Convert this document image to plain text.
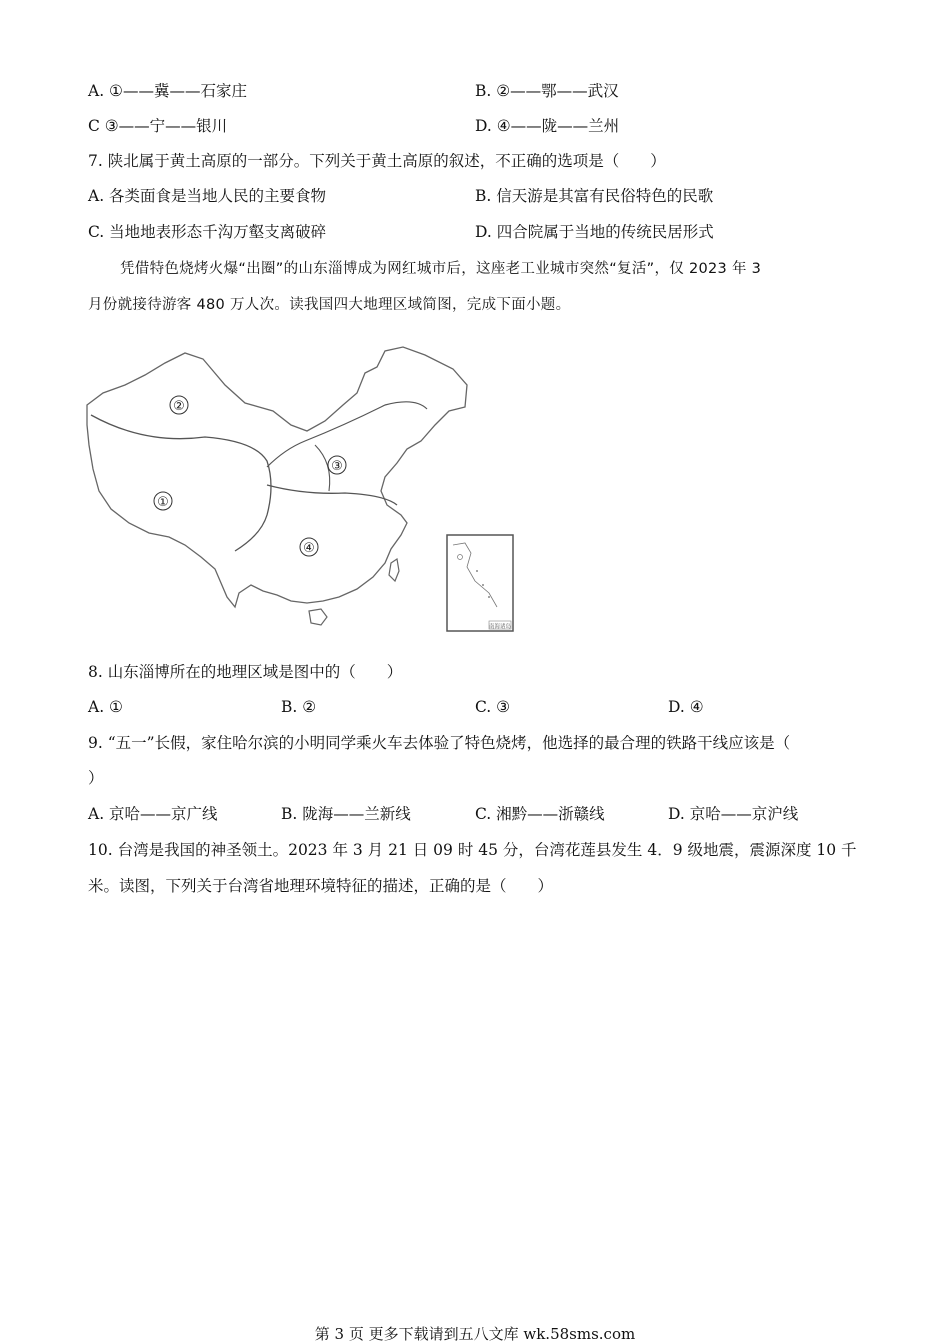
A. ①——冀——石家庄	B. ②——鄂——武汉
C ③——宁——银川	D. ④——陇——兰州
7. 陕北属于黄土高原的一部分。下列关于黄土高原的叙述，不正确的选项是（　　）
A. 各类面食是当地人民的主要食物	B. 信天游是其富有民俗特色的民歌
C. 当地地表形态千沟万壑支离破碎	D. 四合院属于当地的传统民居形式
凭借特色烧烤火爆“出圈”的山东淄博成为网红城市后，这座老工业城市突然“复活”，仅 2023 年 3
月份就接待游客 480 万人次。读我国四大地理区域简图，完成下面小题。
①
②
③
④
南海诸岛
8. 山东淄博所在的地理区域是图中的（　　）
A. ①	B. ②	C. ③	D. ④
9. “五一”长假，家住哈尔滨的小明同学乘火车去体验了特色烧烤，他选择的最合理的铁路干线应该是（
）
A. 京哈——京广线	B. 陇海——兰新线	C. 湘黔——浙赣线	D. 京哈——京沪线
10. 台湾是我国的神圣领土。2023 年 3 月 21 日 09 时 45 分，台湾花莲县发生 4．9 级地震，震源深度 10 千
米。读图，下列关于台湾省地理环境特征的描述，正确的是（　　）
第 3 页 更多下载请到五八文库 wk.58sms.com
